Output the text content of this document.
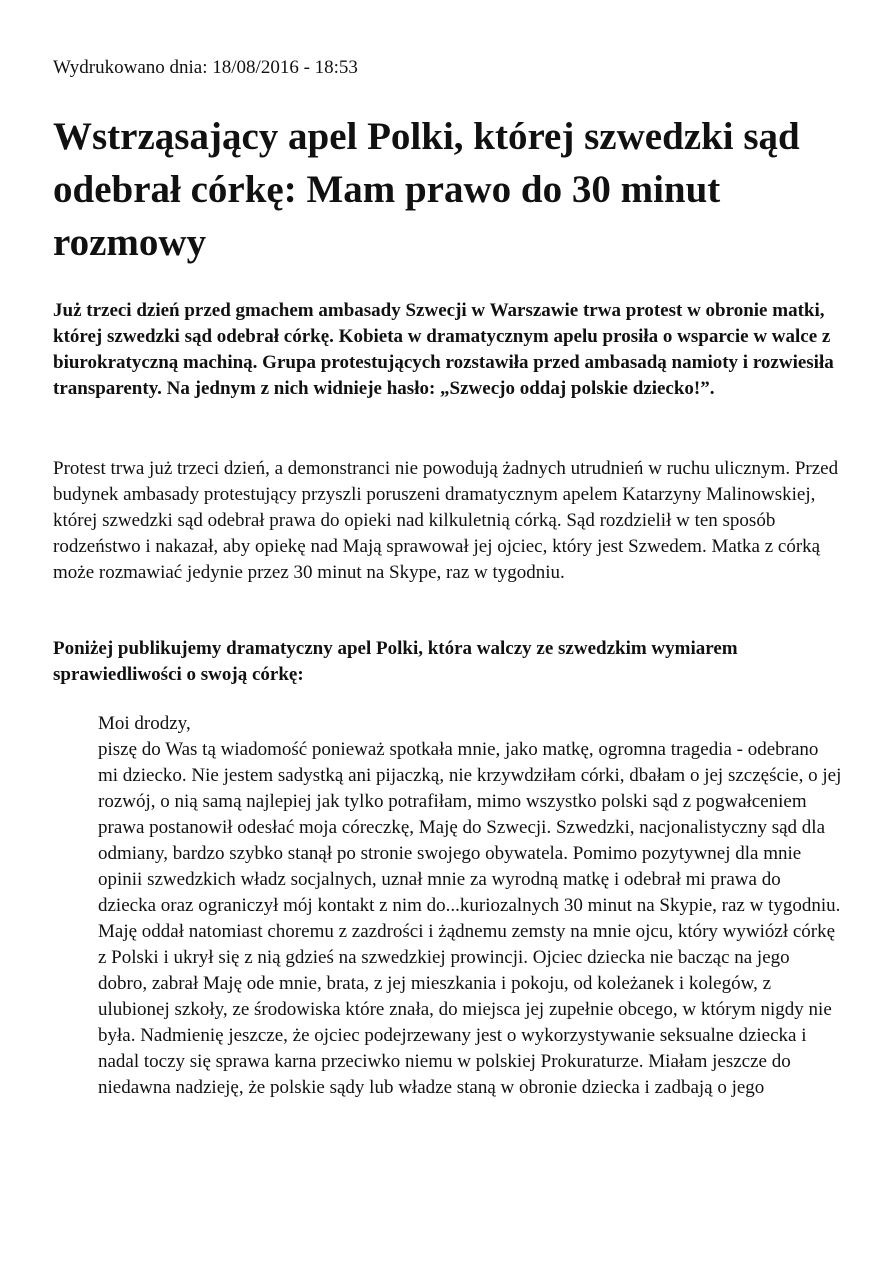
Wydrukowano dnia: 18/08/2016 - 18:53
Wstrząsający apel Polki, której szwedzki sąd odebrał córkę: Mam prawo do 30 minut rozmowy

Już trzeci dzień przed gmachem ambasady Szwecji w Warszawie trwa protest w obronie matki, której szwedzki sąd odebrał córkę. Kobieta w dramatycznym apelu prosiła o wsparcie w walce z biurokratyczną machiną. Grupa protestujących rozstawiła przed ambasadą namioty i rozwiesiła transparenty. Na jednym z nich widnieje hasło: „Szwecjo oddaj polskie dziecko!”.

Protest trwa już trzeci dzień, a demonstranci nie powodują żadnych utrudnień w ruchu ulicznym. Przed budynek ambasady protestujący przyszli poruszeni dramatycznym apelem Katarzyny Malinowskiej, której szwedzki sąd odebrał prawa do opieki nad kilkuletnią córką. Sąd rozdzielił w ten sposób rodzeństwo i nakazał, aby opiekę nad Mają sprawował jej ojciec, który jest Szwedem. Matka z córką może rozmawiać jedynie przez 30 minut na Skype, raz w tygodniu.

Poniżej publikujemy dramatyczny apel Polki, która walczy ze szwedzkim wymiarem sprawiedliwości o swoją córkę:

Moi drodzy,
piszę do Was tą wiadomość ponieważ spotkała mnie, jako matkę, ogromna tragedia - odebrano mi dziecko. Nie jestem sadystką ani pijaczką, nie krzywdziłam córki, dbałam o jej szczęście, o jej rozwój, o nią samą najlepiej jak tylko potrafiłam, mimo wszystko polski sąd z pogwałceniem prawa postanowił odesłać moja córeczkę, Maję do Szwecji. Szwedzki, nacjonalistyczny sąd dla odmiany, bardzo szybko stanął po stronie swojego obywatela. Pomimo pozytywnej dla mnie opinii szwedzkich władz socjalnych, uznał mnie za wyrodną matkę i odebrał mi prawa do dziecka oraz ograniczył mój kontakt z nim do...kuriozalnych 30 minut na Skypie, raz w tygodniu. Maję oddał natomiast choremu z zazdrości i żądnemu zemsty na mnie ojcu, który wywiózł córkę z Polski i ukrył się z nią gdzieś na szwedzkiej prowincji. Ojciec dziecka nie bacząc na jego dobro, zabrał Maję ode mnie, brata, z jej mieszkania i pokoju, od koleżanek i kolegów, z ulubionej szkoły, ze środowiska które znała, do miejsca jej zupełnie obcego, w którym nigdy nie była. Nadmienię jeszcze, że ojciec podejrzewany jest o wykorzystywanie seksualne dziecka i nadal toczy się sprawa karna przeciwko niemu w polskiej Prokuraturze. Miałam jeszcze do niedawna nadzieję, że polskie sądy lub władze staną w obronie dziecka i zadbają o jego
